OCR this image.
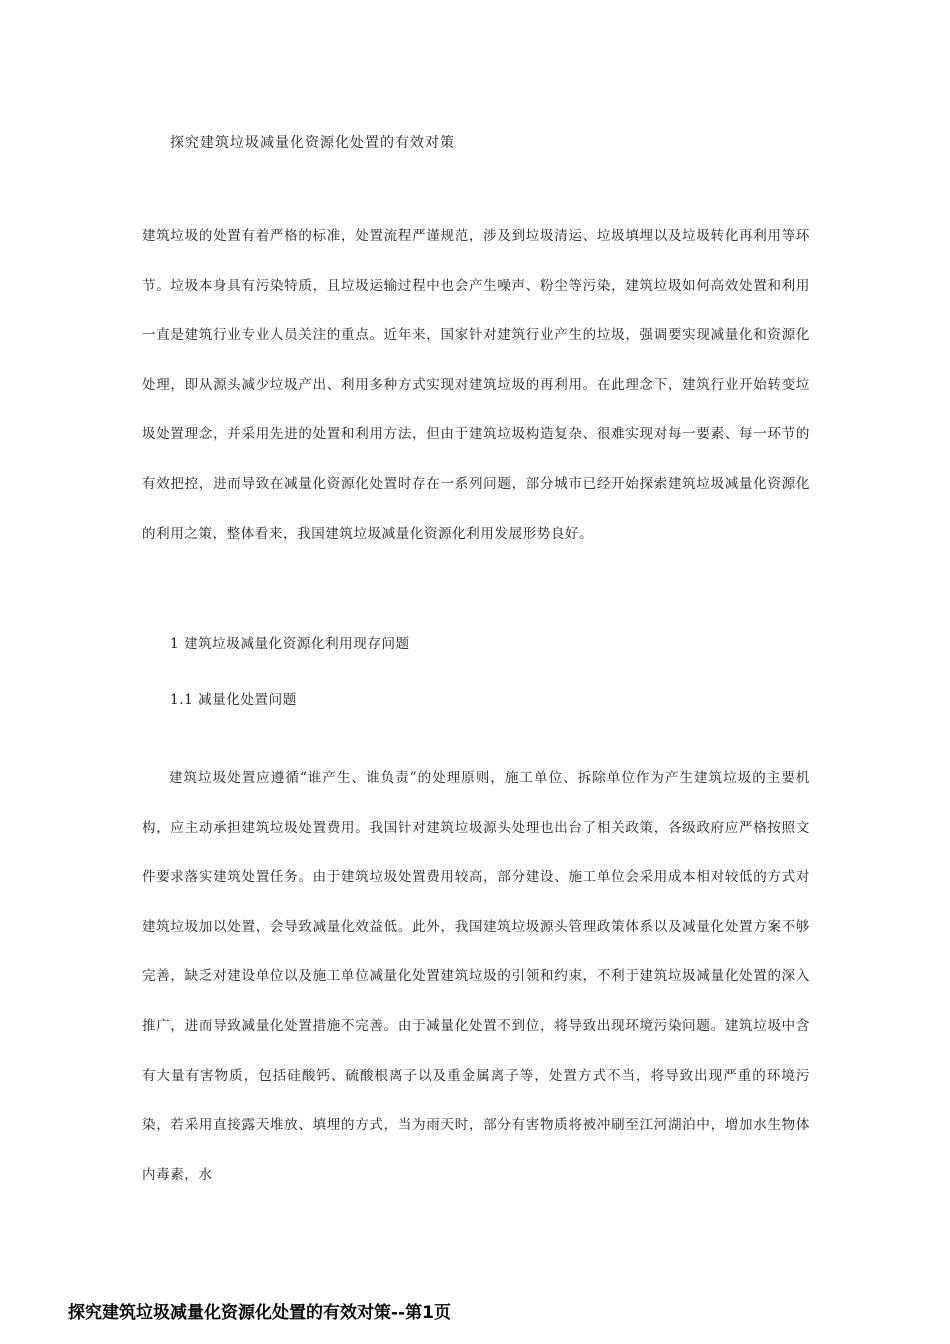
探究建筑垃圾减量化资源化处置的有效对策

建筑垃圾的处置有着严格的标准，处置流程严谨规范，涉及到垃圾清运、垃圾填埋以及垃圾转化再利用等环节。垃圾本身具有污染特质，且垃圾运输过程中也会产生噪声、粉尘等污染，建筑垃圾如何高效处置和利用一直是建筑行业专业人员关注的重点。近年来，国家针对建筑行业产生的垃圾，强调要实现减量化和资源化处理，即从源头减少垃圾产出、利用多种方式实现对建筑垃圾的再利用。在此理念下，建筑行业开始转变垃圾处置理念，并采用先进的处置和利用方法，但由于建筑垃圾构造复杂、很难实现对每一要素、每一环节的有效把控，进而导致在减量化资源化处置时存在一系列问题，部分城市已经开始探索建筑垃圾减量化资源化的利用之策，整体看来，我国建筑垃圾减量化资源化利用发展形势良好。

1 建筑垃圾减量化资源化利用现存问题
1.1 减量化处置问题

建筑垃圾处置应遵循“谁产生、谁负责”的处理原则，施工单位、拆除单位作为产生建筑垃圾的主要机构，应主动承担建筑垃圾处置费用。我国针对建筑垃圾源头处理也出台了相关政策，各级政府应严格按照文件要求落实建筑处置任务。由于建筑垃圾处置费用较高，部分建设、施工单位会采用成本相对较低的方式对建筑垃圾加以处置，会导致减量化效益低。此外，我国建筑垃圾源头管理政策体系以及减量化处置方案不够完善，缺乏对建设单位以及施工单位减量化处置建筑垃圾的引领和约束，不利于建筑垃圾减量化处置的深入推广，进而导致减量化处置措施不完善。由于减量化处置不到位，将导致出现环境污染问题。建筑垃圾中含有大量有害物质，包括硅酸钙、硫酸根离子以及重金属离子等，处置方式不当，将导致出现严重的环境污染，若采用直接露天堆放、填埋的方式，当为雨天时，部分有害物质将被冲刷至江河湖泊中，增加水生物体内毒素，水

探究建筑垃圾减量化资源化处置的有效对策--第1页
